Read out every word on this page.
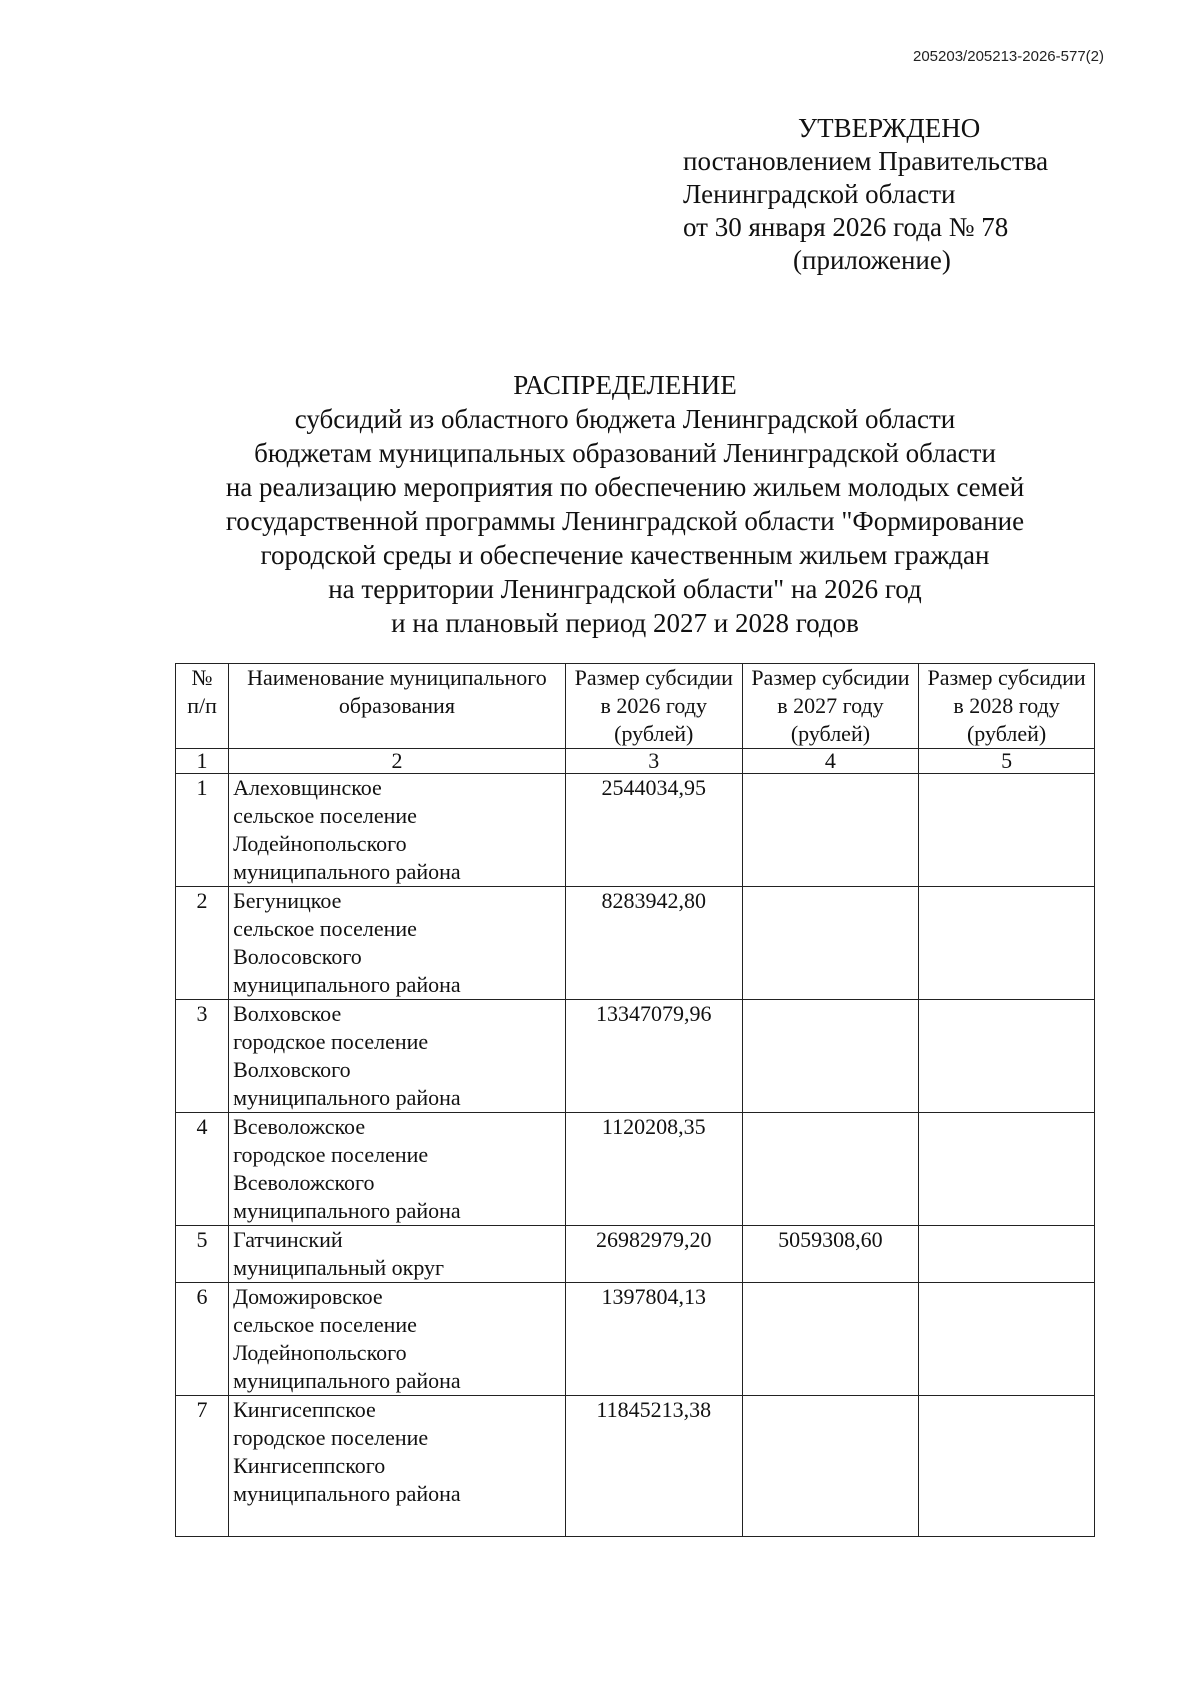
205203/205213-2026-577(2)
УТВЕРЖДЕНО
постановлением Правительства
Ленинградской области
от 30 января 2026 года № 78
(приложение)
РАСПРЕДЕЛЕНИЕ
субсидий из областного бюджета Ленинградской области
бюджетам муниципальных образований Ленинградской области
на реализацию мероприятия по обеспечению жильем молодых семей
государственной программы Ленинградской области "Формирование
городской среды и обеспечение качественным жильем граждан
на территории Ленинградской области" на 2026 год
и на плановый период 2027 и 2028 годов
№ п/п	Наименование муниципального образования	Размер субсидии в 2026 году (рублей)	Размер субсидии в 2027 году (рублей)	Размер субсидии в 2028 году (рублей)
1	2	3	4	5
1	Алеховщинское
сельское поселение
Лодейнопольского
муниципального района	2544034,95		
2	Бегуницкое
сельское поселение
Волосовского
муниципального района	8283942,80		
3	Волховское
городское поселение
Волховского
муниципального района	13347079,96		
4	Всеволожское
городское поселение
Всеволожского
муниципального района	1120208,35		
5	Гатчинский
муниципальный округ	26982979,20	5059308,60	
6	Доможировское
сельское поселение
Лодейнопольского
муниципального района	1397804,13		
7	Кингисеппское
городское поселение
Кингисеппского
муниципального района	11845213,38		
